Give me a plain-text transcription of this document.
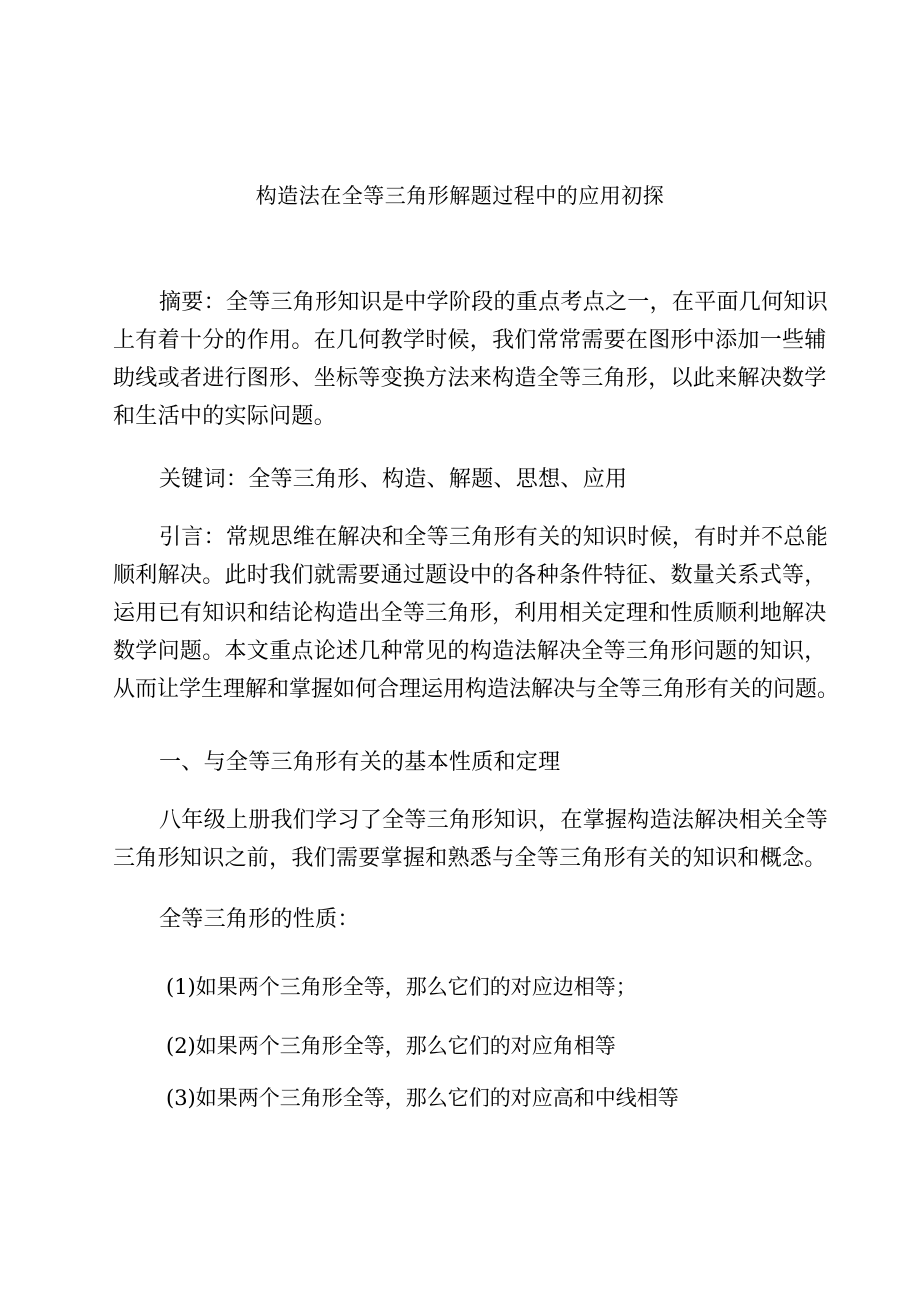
构造法在全等三角形解题过程中的应用初探
摘要：全等三角形知识是中学阶段的重点考点之一，在平面几何知识
上有着十分的作用。在几何教学时候，我们常常需要在图形中添加一些辅
助线或者进行图形、坐标等变换方法来构造全等三角形，以此来解决数学
和生活中的实际问题。
关键词：全等三角形、构造、解题、思想、应用
引言：常规思维在解决和全等三角形有关的知识时候，有时并不总能
顺利解决。此时我们就需要通过题设中的各种条件特征、数量关系式等，
运用已有知识和结论构造出全等三角形，利用相关定理和性质顺利地解决
数学问题。本文重点论述几种常见的构造法解决全等三角形问题的知识，
从而让学生理解和掌握如何合理运用构造法解决与全等三角形有关的问题。
一、与全等三角形有关的基本性质和定理
八年级上册我们学习了全等三角形知识，在掌握构造法解决相关全等
三角形知识之前，我们需要掌握和熟悉与全等三角形有关的知识和概念。
全等三角形的性质：
(1)如果两个三角形全等，那么它们的对应边相等；
(2)如果两个三角形全等，那么它们的对应角相等
(3)如果两个三角形全等，那么它们的对应高和中线相等
